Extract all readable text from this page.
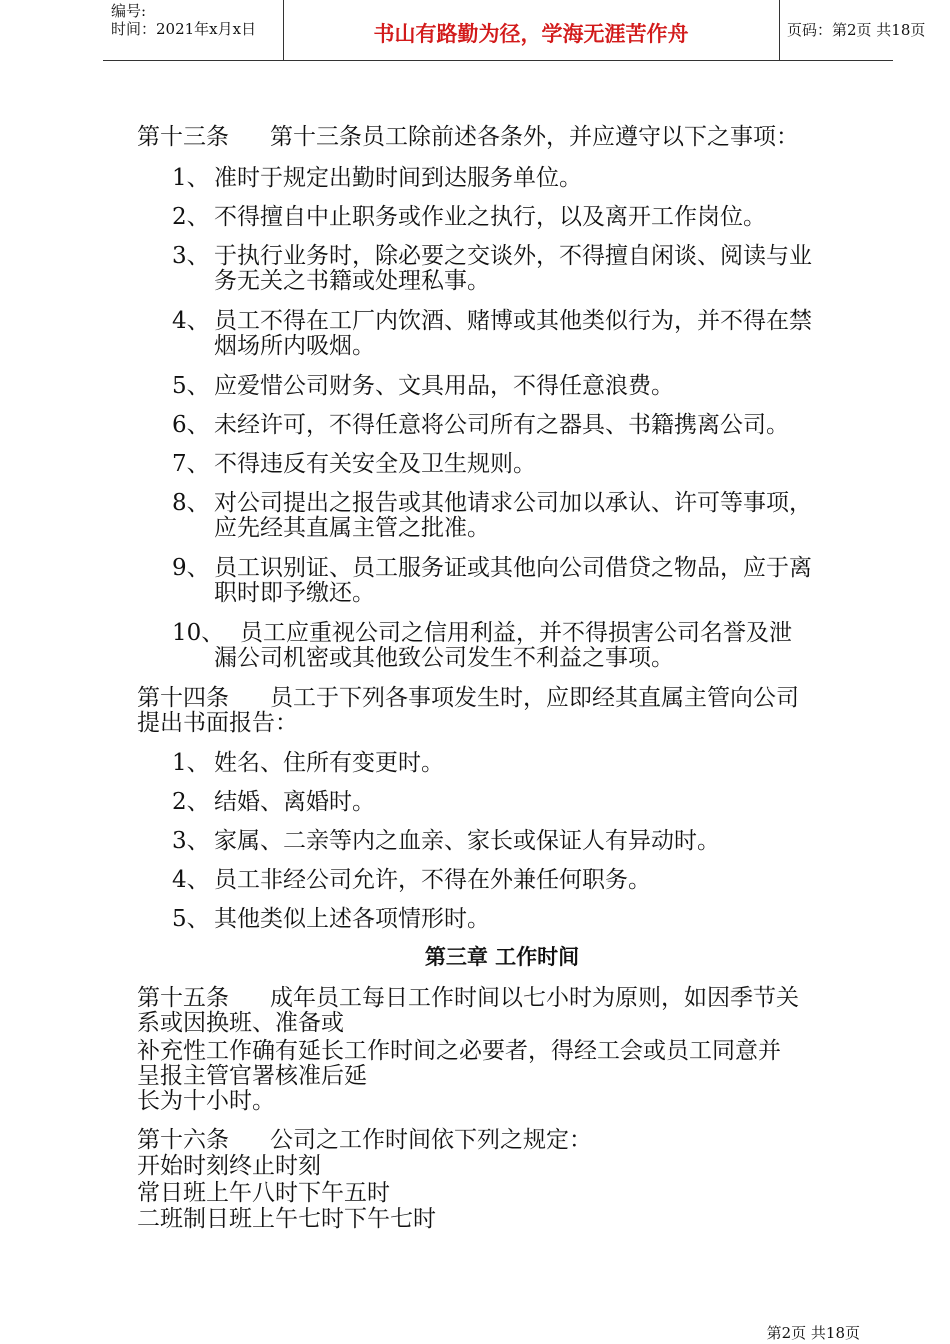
编号:
时间：2021年x月x日	书山有路勤为径，学海无涯苦作舟	页码：第2页 共18页
第十三条 第十三条员工除前述各条外，并应遵守以下之事项：
1、 准时于规定出勤时间到达服务单位。
2、 不得擅自中止职务或作业之执行，以及离开工作岗位。
3、 于执行业务时，除必要之交谈外，不得擅自闲谈、阅读与业
务无关之书籍或处理私事。
4、 员工不得在工厂内饮酒、赌博或其他类似行为，并不得在禁
烟场所内吸烟。
5、 应爱惜公司财务、文具用品，不得任意浪费。
6、 未经许可，不得任意将公司所有之器具、书籍携离公司。
7、 不得违反有关安全及卫生规则。
8、 对公司提出之报告或其他请求公司加以承认、许可等事项，
应先经其直属主管之批准。
9、 员工识别证、员工服务证或其他向公司借贷之物品，应于离
职时即予缴还。
10、 员工应重视公司之信用利益，并不得损害公司名誉及泄
漏公司机密或其他致公司发生不利益之事项。
第十四条 员工于下列各事项发生时，应即经其直属主管向公司
提出书面报告：
1、 姓名、住所有变更时。
2、 结婚、离婚时。
3、 家属、二亲等内之血亲、家长或保证人有异动时。
4、 员工非经公司允许，不得在外兼任何职务。
5、 其他类似上述各项情形时。
第三章 工作时间
第十五条 成年员工每日工作时间以七小时为原则，如因季节关
系或因换班、准备或
补充性工作确有延长工作时间之必要者，得经工会或员工同意并
呈报主管官署核准后延
长为十小时。
第十六条 公司之工作时间依下列之规定：
开始时刻终止时刻
常日班上午八时下午五时
二班制日班上午七时下午七时
第2页 共18页
